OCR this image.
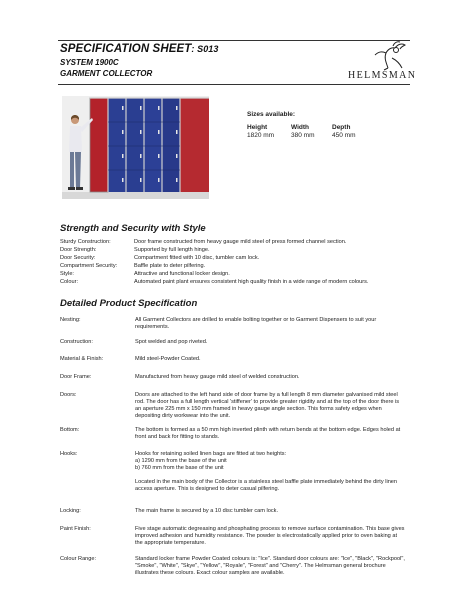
SPECIFICATION SHEET: S013
SYSTEM 1900C
GARMENT COLLECTOR	HELMSMAN
Sizes available:
Height
1820 mm
Width
380 mm
Depth
450 mm
Strength and Security with Style
Sturdy Construction:	Door frame constructed from heavy gauge mild steel of press formed channel section.
Door Strength:	Supported by full length hinge.
Door Security:	Compartment fitted with 10 disc, tumbler cam lock.
Compartment Security:	Baffle plate to deter pilfering.
Style:	Attractive and functional locker design.
Colour:	Automated paint plant ensures consistent high quality finish in a wide range of modern colours.
Detailed Product Specification
Nesting:	All Garment Collectors are drilled to enable bolting together or to Garment Dispensers to suit your requirements.

Construction:	Spot welded and pop riveted.

Material & Finish:	Mild steel-Powder Coated.

Door Frame:	Manufactured from heavy gauge mild steel of welded construction.

Doors:	Doors are attached to the left hand side of door frame by a full length 8 mm diameter galvanised mild steel rod. The door has a full length vertical 'stiffener' to provide greater rigidity and at the top of the door there is an aperture 225 mm x 150 mm framed in heavy gauge angle section. This forms safety edges when depositing dirty workwear into the unit.

Bottom:	The bottom is formed as a 50 mm high inverted plinth with return bends at the bottom edge. Edges holed at front and back for fitting to stands.

Hooks:	Hooks for retaining soiled linen bags are fitted at two heights:

a) 1290 mm from the base of the unit

b) 760 mm from the base of the unit

Located in the main body of the Collector is a stainless steel baffle plate immediately behind the dirty linen access aperture. This is designed to deter casual pilfering.

Locking:	The main frame is secured by a 10 disc tumbler cam lock.

Paint Finish:	Five stage automatic degreasing and phosphating process to remove surface contamination. This base gives improved adhesion and humidity resistance. The powder is electrostatically applied prior to oven baking at the appropriate temperature.

Colour Range:	Standard locker frame Powder Coated colours is: "Ice". Standard door colours are: "Ice", "Black", "Rockpool", "Smoke", "White", "Skye", "Yellow", "Royale", "Forest" and "Cherry". The Helmsman general brochure illustrates these colours. Exact colour samples are available.
